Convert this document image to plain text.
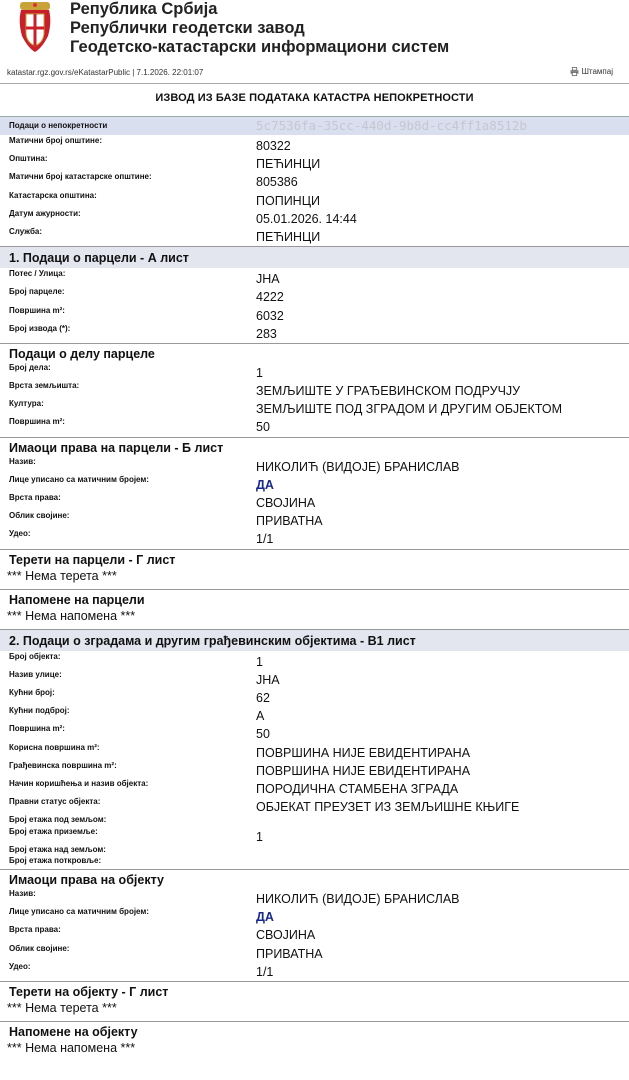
Република Србија
Републички геодетски завод
Геодетско-катастарски информациони систем
katastar.rgz.gov.rs/eKatastarPublic | 7.1.2026. 22:01:07	Штампај
ИЗВОД ИЗ БАЗЕ ПОДАТАКА КАТАСТРА НЕПОКРЕТНОСТИ
Подаци о непокретности	5c7536fa-35cc-440d-9b8d-cc4ff1a8512b
Матични број општине:	80322
Општина:	ПЕЋИНЦИ
Матични број катастарске општине:	805386
Катастарска општина:	ПОПИНЦИ
Датум ажурности:	05.01.2026. 14:44
Служба:	ПЕЋИНЦИ
1. Подаци о парцели - А лист
Потес / Улица:	ЈНА
Број парцеле:	4222
Површина m²:	6032
Број извода (*):	283
Подаци о делу парцеле
Број дела:	1
Врста земљишта:	ЗЕМЉИШТЕ У ГРАЂЕВИНСКОМ ПОДРУЧЈУ
Култура:	ЗЕМЉИШТЕ ПОД ЗГРАДОМ И ДРУГИМ ОБЈЕКТОМ
Површина m²:	50
Имаоци права на парцели - Б лист
Назив:	НИКОЛИЋ (ВИДОЈЕ) БРАНИСЛАВ
Лице уписано са матичним бројем:	ДА
Врста права:	СВОЈИНА
Облик својине:	ПРИВАТНА
Удео:	1/1
Терети на парцели - Г лист
*** Нема терета ***
Напомене на парцели
*** Нема напомена ***
2. Подаци о зградама и другим грађевинским објектима - В1 лист
Број објекта:	1
Назив улице:	ЈНА
Кућни број:	62
Кућни подброј:	А
Површина m²:	50
Корисна површина m²:	ПОВРШИНА НИЈЕ ЕВИДЕНТИРАНА
Грађевинска површина m²:	ПОВРШИНА НИЈЕ ЕВИДЕНТИРАНА
Начин коришћења и назив објекта:	ПОРОДИЧНА СТАМБЕНА ЗГРАДА
Правни статус објекта:	ОБЈЕКАТ ПРЕУЗЕТ ИЗ ЗЕМЉИШНЕ КЊИГЕ
Број етажа под земљом:
Број етажа приземље:	1
Број етажа над земљом:
Број етажа поткровље:
Имаоци права на објекту
Назив:	НИКОЛИЋ (ВИДОЈЕ) БРАНИСЛАВ
Лице уписано са матичним бројем:	ДА
Врста права:	СВОЈИНА
Облик својине:	ПРИВАТНА
Удео:	1/1
Терети на објекту - Г лист
*** Нема терета ***
Напомене на објекту
*** Нема напомена ***
